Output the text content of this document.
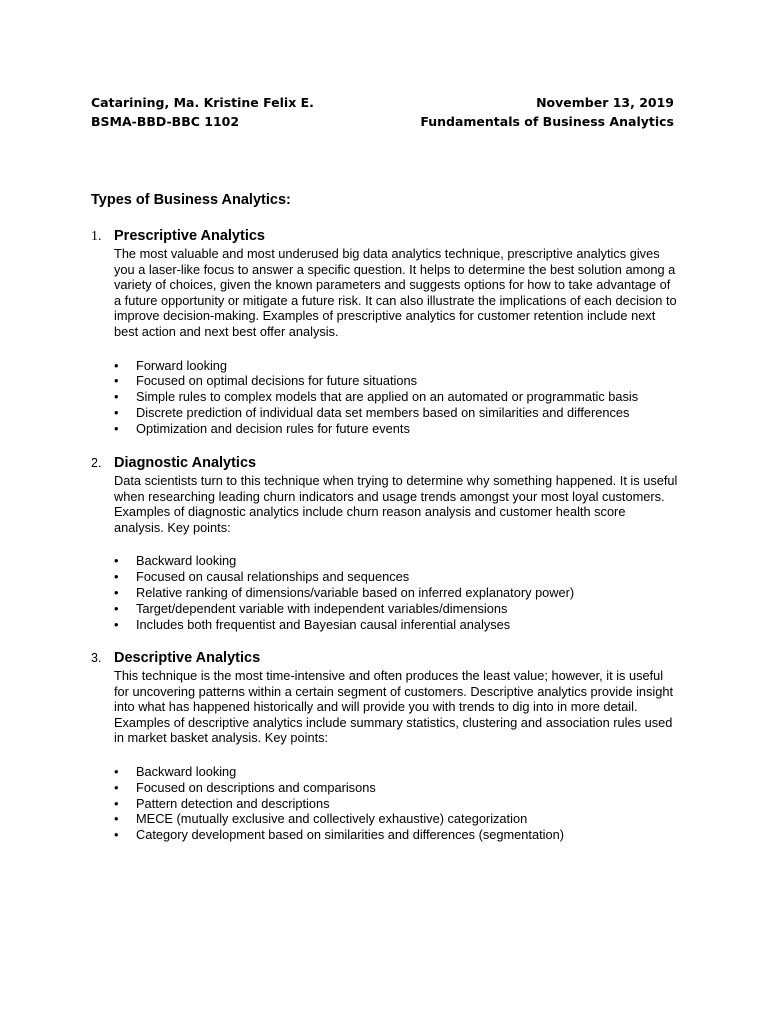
Catarining, Ma. Kristine Felix E.	November 13, 2019
BSMA-BBD-BBC 1102	Fundamentals of Business Analytics
Types of Business Analytics:
1. Prescriptive Analytics

The most valuable and most underused big data analytics technique, prescriptive analytics gives you a laser-like focus to answer a specific question. It helps to determine the best solution among a variety of choices, given the known parameters and suggests options for how to take advantage of a future opportunity or mitigate a future risk. It can also illustrate the implications of each decision to improve decision-making. Examples of prescriptive analytics for customer retention include next best action and next best offer analysis.

• Forward looking
• Focused on optimal decisions for future situations
• Simple rules to complex models that are applied on an automated or programmatic basis
• Discrete prediction of individual data set members based on similarities and differences
• Optimization and decision rules for future events
2. Diagnostic Analytics

Data scientists turn to this technique when trying to determine why something happened. It is useful when researching leading churn indicators and usage trends amongst your most loyal customers. Examples of diagnostic analytics include churn reason analysis and customer health score analysis. Key points:

• Backward looking
• Focused on causal relationships and sequences
• Relative ranking of dimensions/variable based on inferred explanatory power)
• Target/dependent variable with independent variables/dimensions
• Includes both frequentist and Bayesian causal inferential analyses
3. Descriptive Analytics

This technique is the most time-intensive and often produces the least value; however, it is useful for uncovering patterns within a certain segment of customers. Descriptive analytics provide insight into what has happened historically and will provide you with trends to dig into in more detail. Examples of descriptive analytics include summary statistics, clustering and association rules used in market basket analysis. Key points:

• Backward looking
• Focused on descriptions and comparisons
• Pattern detection and descriptions
• MECE (mutually exclusive and collectively exhaustive) categorization
• Category development based on similarities and differences (segmentation)
